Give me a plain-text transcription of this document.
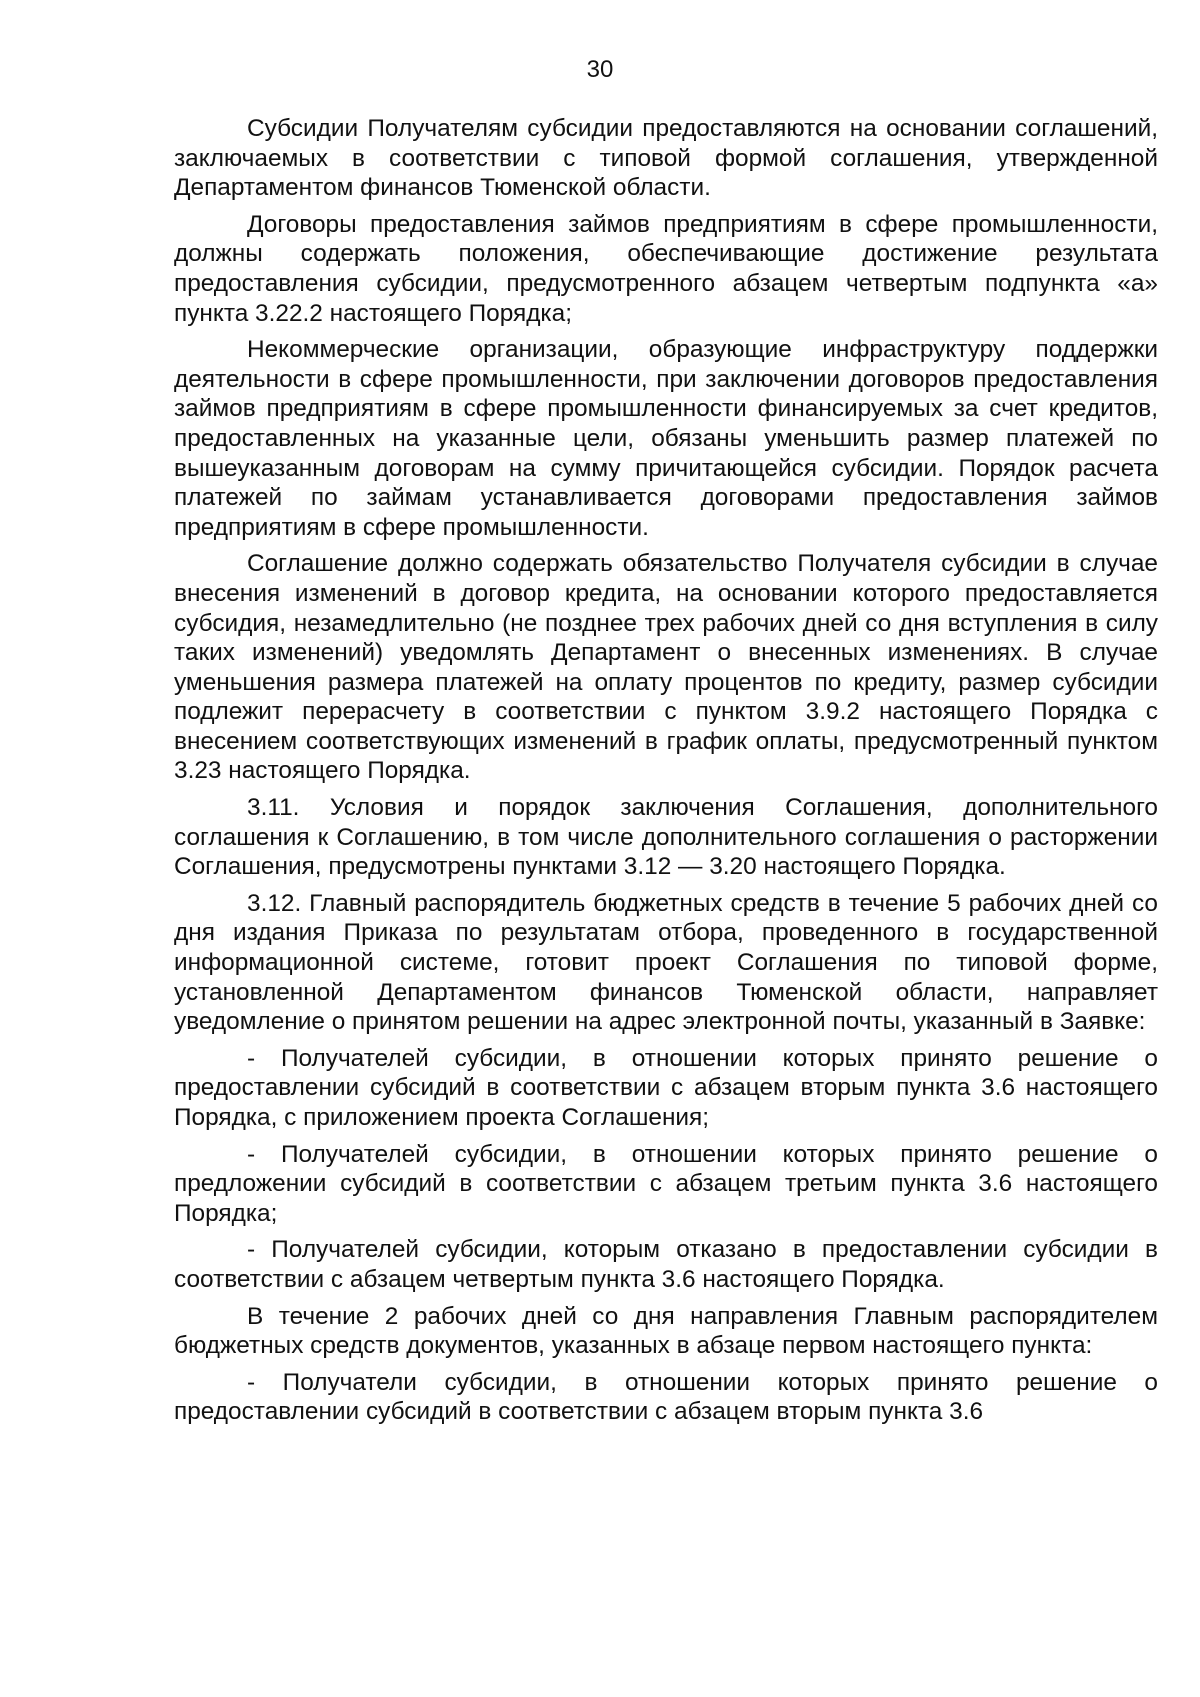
30

Субсидии Получателям субсидии предоставляются на основании соглашений, заключаемых в соответствии с типовой формой соглашения, утвержденной Департаментом финансов Тюменской области.

Договоры предоставления займов предприятиям в сфере промышленности, должны содержать положения, обеспечивающие достижение результата предоставления субсидии, предусмотренного абзацем четвертым подпункта «а» пункта 3.22.2 настоящего Порядка;

Некоммерческие организации, образующие инфраструктуру поддержки деятельности в сфере промышленности, при заключении договоров предоставления займов предприятиям в сфере промышленности финансируемых за счет кредитов, предоставленных на указанные цели, обязаны уменьшить размер платежей по вышеуказанным договорам на сумму причитающейся субсидии. Порядок расчета платежей по займам устанавливается договорами предоставления займов предприятиям в сфере промышленности.

Соглашение должно содержать обязательство Получателя субсидии в случае внесения изменений в договор кредита, на основании которого предоставляется субсидия, незамедлительно (не позднее трех рабочих дней со дня вступления в силу таких изменений) уведомлять Департамент о внесенных изменениях. В случае уменьшения размера платежей на оплату процентов по кредиту, размер субсидии подлежит перерасчету в соответствии с пунктом 3.9.2 настоящего Порядка с внесением соответствующих изменений в график оплаты, предусмотренный пунктом 3.23 настоящего Порядка.

3.11. Условия и порядок заключения Соглашения, дополнительного соглашения к Соглашению, в том числе дополнительного соглашения о расторжении Соглашения, предусмотрены пунктами 3.12 — 3.20 настоящего Порядка.

3.12. Главный распорядитель бюджетных средств в течение 5 рабочих дней со дня издания Приказа по результатам отбора, проведенного в государственной информационной системе, готовит проект Соглашения по типовой форме, установленной Департаментом финансов Тюменской области, направляет уведомление о принятом решении на адрес электронной почты, указанный в Заявке:

- Получателей субсидии, в отношении которых принято решение о предоставлении субсидий в соответствии с абзацем вторым пункта 3.6 настоящего Порядка, с приложением проекта Соглашения;

- Получателей субсидии, в отношении которых принято решение о предложении субсидий в соответствии с абзацем третьим пункта 3.6 настоящего Порядка;

- Получателей субсидии, которым отказано в предоставлении субсидии в соответствии с абзацем четвертым пункта 3.6 настоящего Порядка.

В течение 2 рабочих дней со дня направления Главным распорядителем бюджетных средств документов, указанных в абзаце первом настоящего пункта:

- Получатели субсидии, в отношении которых принято решение о предоставлении субсидий в соответствии с абзацем вторым пункта 3.6
